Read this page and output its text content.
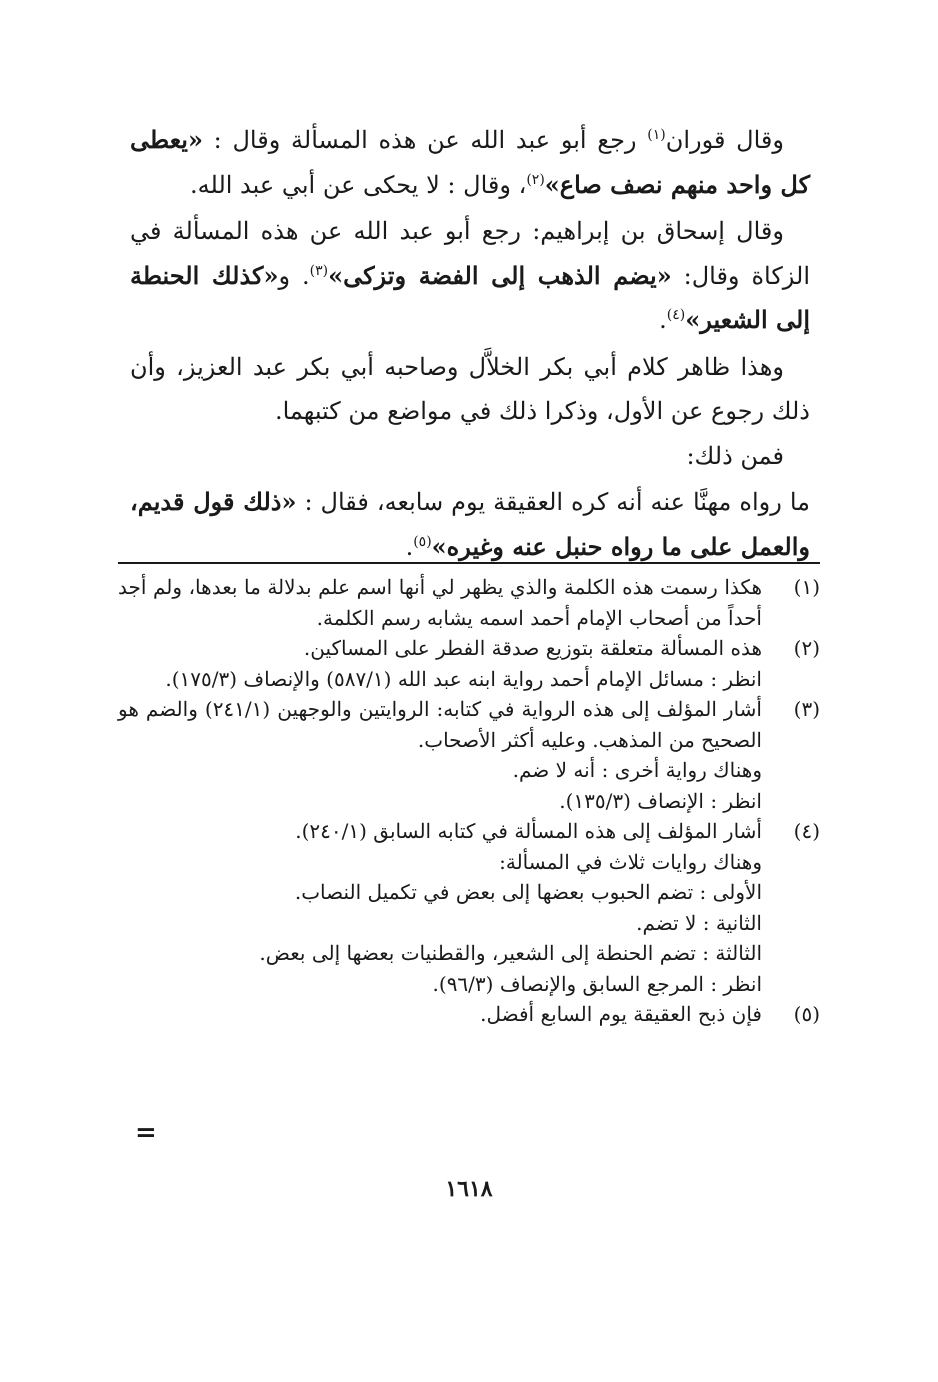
وقال قوران$^{(١)}$ رجع أبو عبد الله عن هذه المسألة وقال : «يعطى كل واحد منهم نصف صاع»$^{(٢)}$، وقال : لا يحكى عن أبي عبد الله.

وقال إسحاق بن إبراهيم: رجع أبو عبد الله عن هذه المسألة في الزكاة وقال: «يضم الذهب إلى الفضة وتزكى»$^{(٣)}$. و«كذلك الحنطة إلى الشعير»$^{(٤)}$.

وهذا ظاهر كلام أبي بكر الخلاَّل وصاحبه أبي بكر عبد العزيز، وأن ذلك رجوع عن الأول، وذكرا ذلك في مواضع من كتبهما.

فمن ذلك:

ما رواه مهنَّا عنه أنه كره العقيقة يوم سابعه، فقال : «ذلك قول قديم، والعمل على ما رواه حنبل عنه وغيره»$^{(٥)}$.

(١)

هكذا رسمت هذه الكلمة والذي يظهر لي أنها اسم علم بدلالة ما بعدها، ولم أجد أحداً من أصحاب الإمام أحمد اسمه يشابه رسم الكلمة.

(٢)

هذه المسألة متعلقة بتوزيع صدقة الفطر على المساكين.

انظر : مسائل الإمام أحمد رواية ابنه عبد الله (٥٨٧/١) والإنصاف (١٧٥/٣).

(٣)

أشار المؤلف إلى هذه الرواية في كتابه: الروايتين والوجهين (٢٤١/١) والضم هو الصحيح من المذهب. وعليه أكثر الأصحاب.

وهناك رواية أخرى : أنه لا ضم.

انظر : الإنصاف (١٣٥/٣).

(٤)

أشار المؤلف إلى هذه المسألة في كتابه السابق (٢٤٠/١).

وهناك روايات ثلاث في المسألة:

الأولى : تضم الحبوب بعضها إلى بعض في تكميل النصاب.

الثانية : لا تضم.

الثالثة : تضم الحنطة إلى الشعير، والقطنيات بعضها إلى بعض.

انظر : المرجع السابق والإنصاف (٩٦/٣).

(٥)

فإن ذبح العقيقة يوم السابع أفضل.

=
١٦١٨
